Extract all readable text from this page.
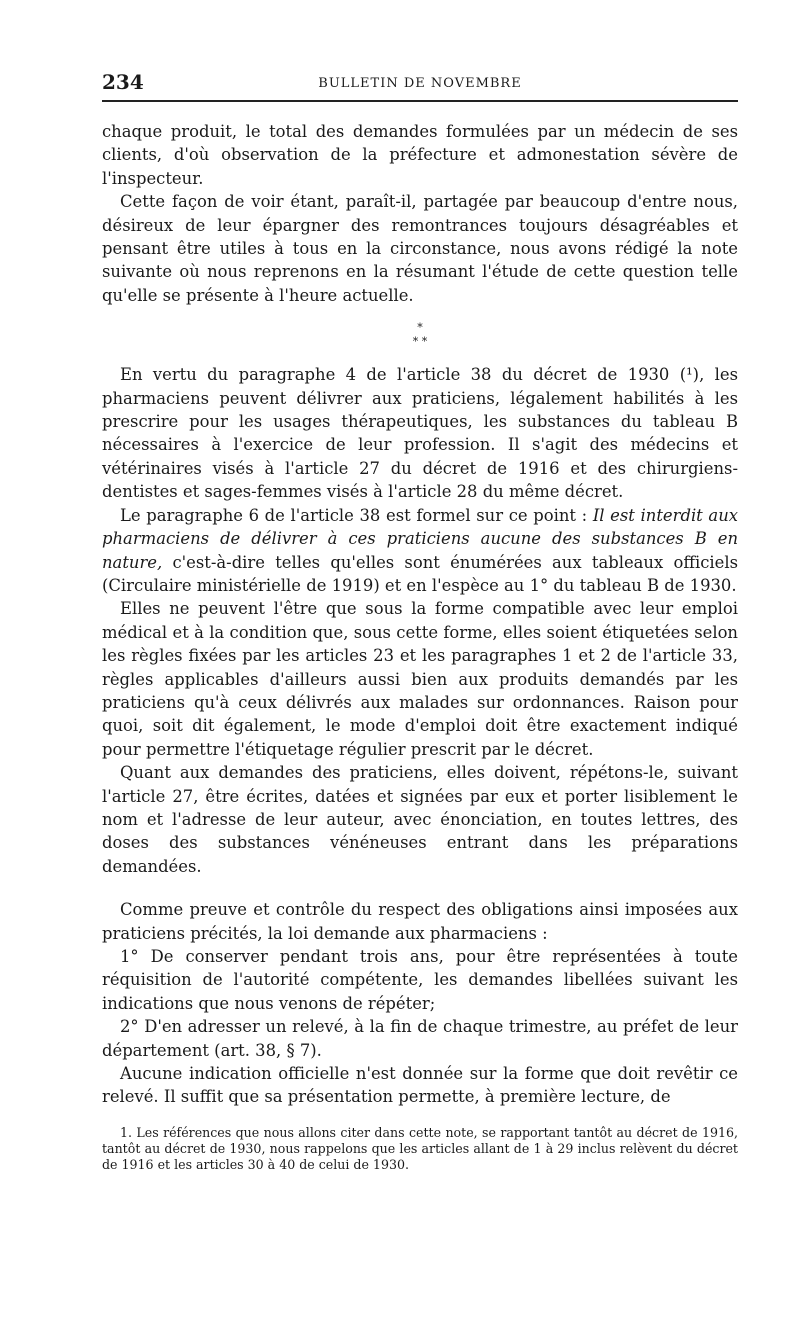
234	BULLETIN DE NOVEMBRE

chaque produit, le total des demandes formulées par un médecin de ses clients, d'où observation de la préfecture et admonestation sévère de l'inspecteur.

Cette façon de voir étant, paraît-il, partagée par beaucoup d'entre nous, désireux de leur épargner des remontrances toujours désagréables et pensant être utiles à tous en la circonstance, nous avons rédigé la note suivante où nous reprenons en la résumant l'étude de cette question telle qu'elle se présente à l'heure actuelle.

*
* *

En vertu du paragraphe 4 de l'article 38 du décret de 1930 (¹), les pharmaciens peuvent délivrer aux praticiens, légalement habilités à les prescrire pour les usages thérapeutiques, les substances du tableau B nécessaires à l'exercice de leur profession. Il s'agit des médecins et vétérinaires visés à l'article 27 du décret de 1916 et des chirurgiens-dentistes et sages-femmes visés à l'article 28 du même décret.

Le paragraphe 6 de l'article 38 est formel sur ce point : Il est interdit aux pharmaciens de délivrer à ces praticiens aucune des substances B en nature, c'est-à-dire telles qu'elles sont énumérées aux tableaux officiels (Circulaire ministérielle de 1919) et en l'espèce au 1° du tableau B de 1930.

Elles ne peuvent l'être que sous la forme compatible avec leur emploi médical et à la condition que, sous cette forme, elles soient étiquetées selon les règles fixées par les articles 23 et les paragraphes 1 et 2 de l'article 33, règles applicables d'ailleurs aussi bien aux produits demandés par les praticiens qu'à ceux délivrés aux malades sur ordonnances. Raison pour quoi, soit dit également, le mode d'emploi doit être exactement indiqué pour permettre l'étiquetage régulier prescrit par le décret.

Quant aux demandes des praticiens, elles doivent, répétons-le, suivant l'article 27, être écrites, datées et signées par eux et porter lisiblement le nom et l'adresse de leur auteur, avec énonciation, en toutes lettres, des doses des substances vénéneuses entrant dans les préparations demandées.

Comme preuve et contrôle du respect des obligations ainsi imposées aux praticiens précités, la loi demande aux pharmaciens :

1° De conserver pendant trois ans, pour être représentées à toute réquisition de l'autorité compétente, les demandes libellées suivant les indications que nous venons de répéter;

2° D'en adresser un relevé, à la fin de chaque trimestre, au préfet de leur département (art. 38, § 7).

Aucune indication officielle n'est donnée sur la forme que doit revêtir ce relevé. Il suffit que sa présentation permette, à première lecture, de

1. Les références que nous allons citer dans cette note, se rapportant tantôt au décret de 1916, tantôt au décret de 1930, nous rappelons que les articles allant de 1 à 29 inclus relèvent du décret de 1916 et les articles 30 à 40 de celui de 1930.
